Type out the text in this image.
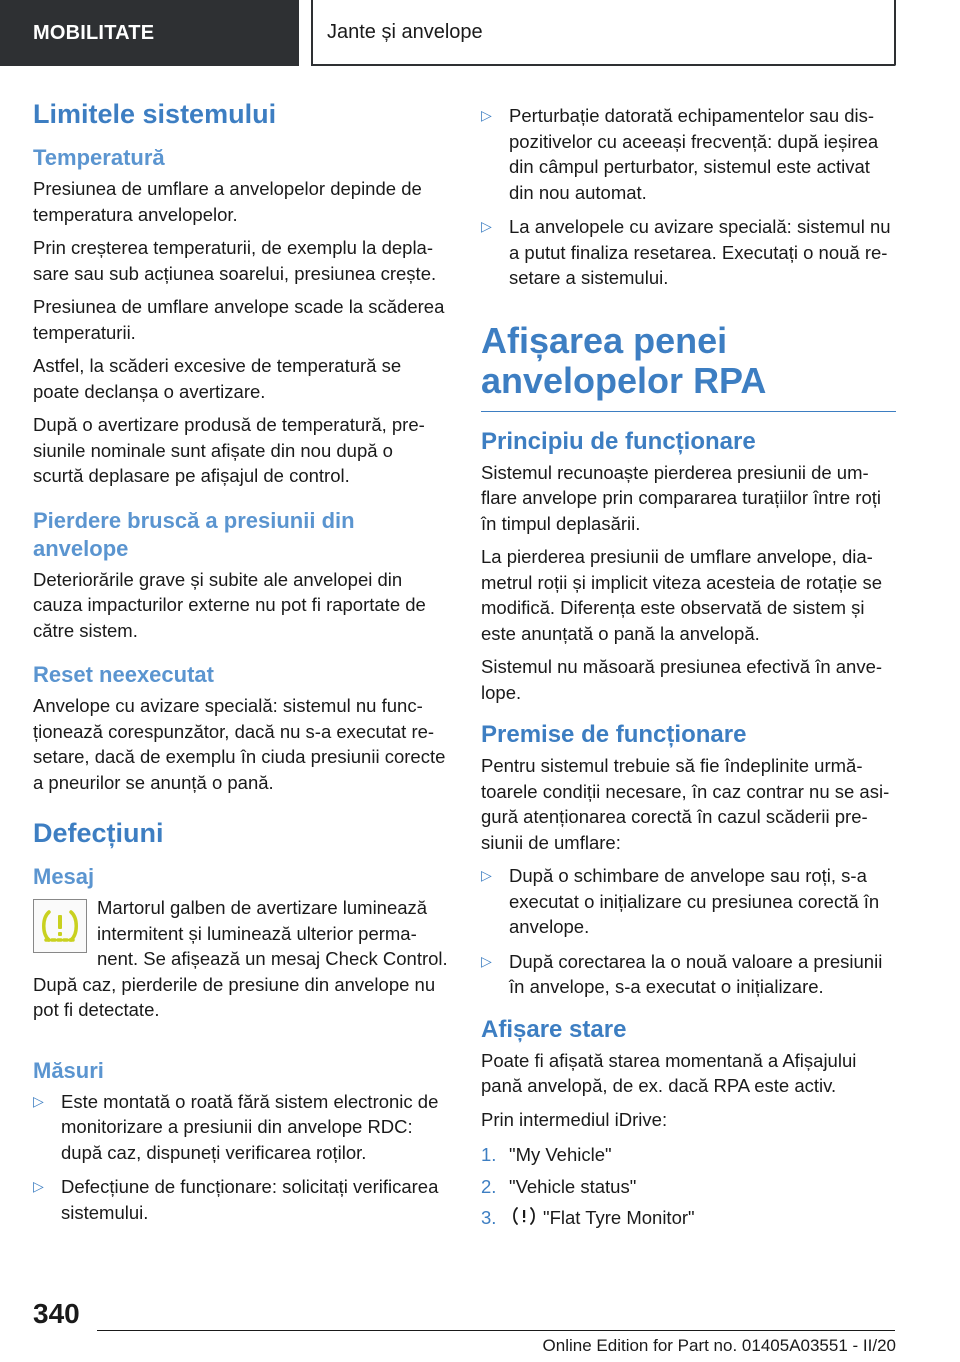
MOBILITATE	Jante și anvelope
Limitele sistemului
Temperatură
Presiunea de umflare a anvelopelor depinde de temperatura anvelopelor.
Prin creșterea temperaturii, de exemplu la deplasare sau sub acțiunea soarelui, presiunea crește.
Presiunea de umflare anvelope scade la scăderea temperaturii.
Astfel, la scăderi excesive de temperatură se poate declanșa o avertizare.
După o avertizare produsă de temperatură, presiunile nominale sunt afișate din nou după o scurtă deplasare pe afișajul de control.
Pierdere bruscă a presiunii din anvelope
Deteriorările grave și subite ale anvelopei din cauza impacturilor externe nu pot fi raportate de către sistem.
Reset neexecutat
Anvelope cu avizare specială: sistemul nu funcționează corespunzător, dacă nu s-a executat resetare, dacă de exemplu în ciuda presiunii corecte a pneurilor se anunță o pană.
Defecțiuni
Mesaj
Martorul galben de avertizare luminează intermitent și luminează ulterior permanent. Se afișează un mesaj Check Control. După caz, pierderile de presiune din anvelope nu pot fi detectate.
Măsuri
▷ Este montată o roată fără sistem electronic de monitorizare a presiunii din anvelope RDC: după caz, dispuneți verificarea roților.
▷ Defecțiune de funcționare: solicitați verificarea sistemului.
▷ Perturbație datorată echipamentelor sau dispozitivelor cu aceeași frecvență: după ieșirea din câmpul perturbator, sistemul este activat din nou automat.
▷ La anvelopele cu avizare specială: sistemul nu a putut finaliza resetarea. Executați o nouă resetare a sistemului.
Afișarea penei anvelopelor RPA
Principiu de funcționare
Sistemul recunoaște pierderea presiunii de umflare anvelope prin compararea turațiilor între roți în timpul deplasării.
La pierderea presiunii de umflare anvelope, diametrul roții și implicit viteza acesteia de rotație se modifică. Diferența este observată de sistem și este anunțată o pană la anvelopă.
Sistemul nu măsoară presiunea efectivă în anvelope.
Premise de funcționare
Pentru sistemul trebuie să fie îndeplinite următoarele condiții necesare, în caz contrar nu se asigură atenționarea corectă în cazul scăderii presiunii de umflare:
▷ După o schimbare de anvelope sau roți, s-a executat o inițializare cu presiunea corectă în anvelope.
▷ După corectarea la o nouă valoare a presiunii în anvelope, s-a executat o inițializare.
Afișare stare
Poate fi afișată starea momentană a Afișajului pană anvelopă, de ex. dacă RPA este activ.
Prin intermediul iDrive:
1. "My Vehicle"
2. "Vehicle status"
3.	"Flat Tyre Monitor"
340
Online Edition for Part no. 01405A03551 - II/20
